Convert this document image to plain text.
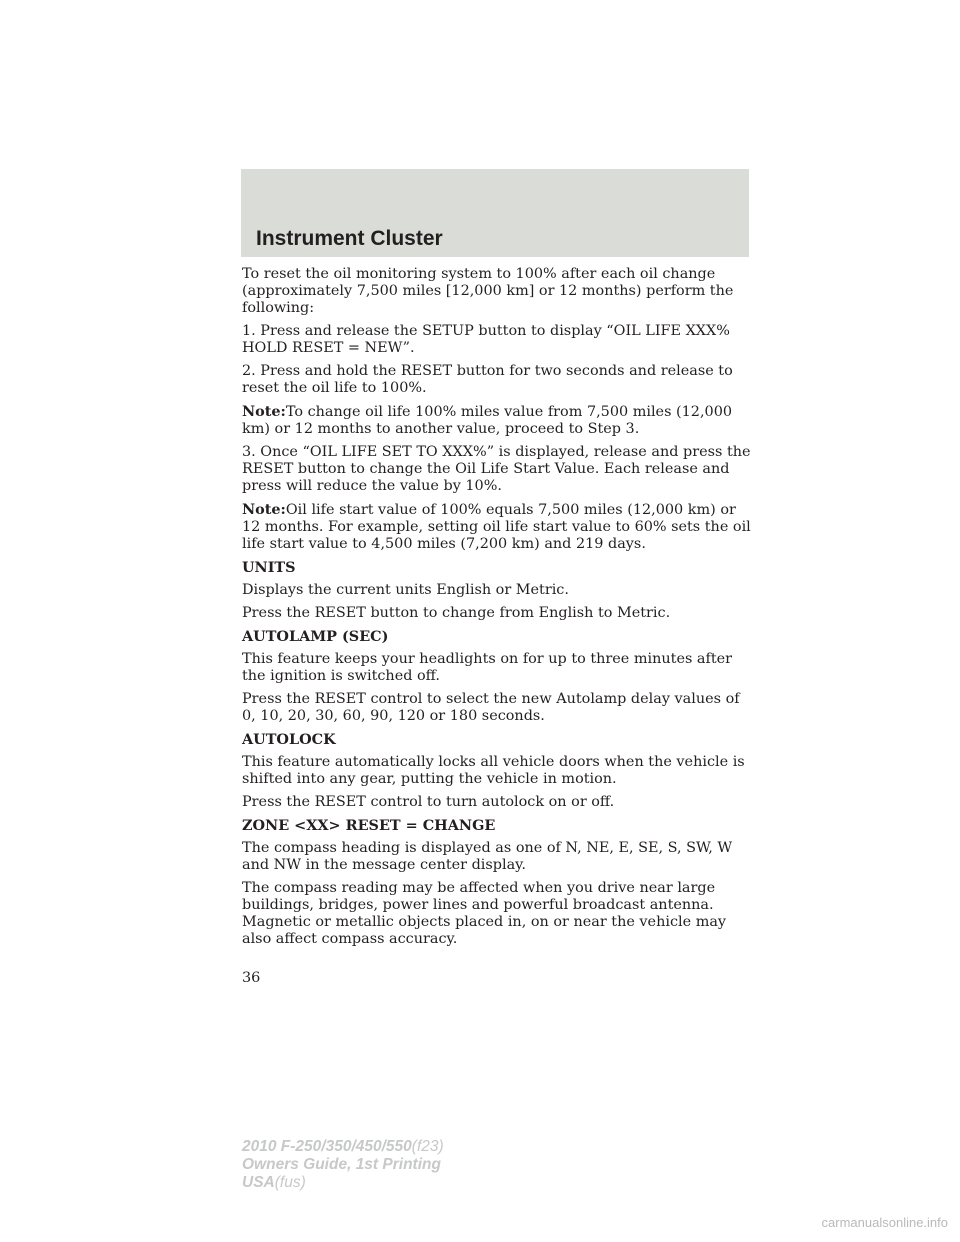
Instrument Cluster

To reset the oil monitoring system to 100% after each oil change (approximately 7,500 miles [12,000 km] or 12 months) perform the following:

1. Press and release the SETUP button to display “OIL LIFE XXX% HOLD RESET = NEW”.

2. Press and hold the RESET button for two seconds and release to reset the oil life to 100%.

Note:To change oil life 100% miles value from 7,500 miles (12,000 km) or 12 months to another value, proceed to Step 3.

3. Once “OIL LIFE SET TO XXX%” is displayed, release and press the RESET button to change the Oil Life Start Value. Each release and press will reduce the value by 10%.

Note:Oil life start value of 100% equals 7,500 miles (12,000 km) or 12 months. For example, setting oil life start value to 60% sets the oil life start value to 4,500 miles (7,200 km) and 219 days.

UNITS

Displays the current units English or Metric.

Press the RESET button to change from English to Metric.

AUTOLAMP (SEC)

This feature keeps your headlights on for up to three minutes after the ignition is switched off.

Press the RESET control to select the new Autolamp delay values of 0, 10, 20, 30, 60, 90, 120 or 180 seconds.

AUTOLOCK

This feature automatically locks all vehicle doors when the vehicle is shifted into any gear, putting the vehicle in motion.

Press the RESET control to turn autolock on or off.

ZONE <XX> RESET = CHANGE

The compass heading is displayed as one of N, NE, E, SE, S, SW, W and NW in the message center display.

The compass reading may be affected when you drive near large buildings, bridges, power lines and powerful broadcast antenna. Magnetic or metallic objects placed in, on or near the vehicle may also affect compass accuracy.

36
2010 F-250/350/450/550(f23)
Owners Guide, 1st Printing
USA(fus)
carmanualsonline.info
